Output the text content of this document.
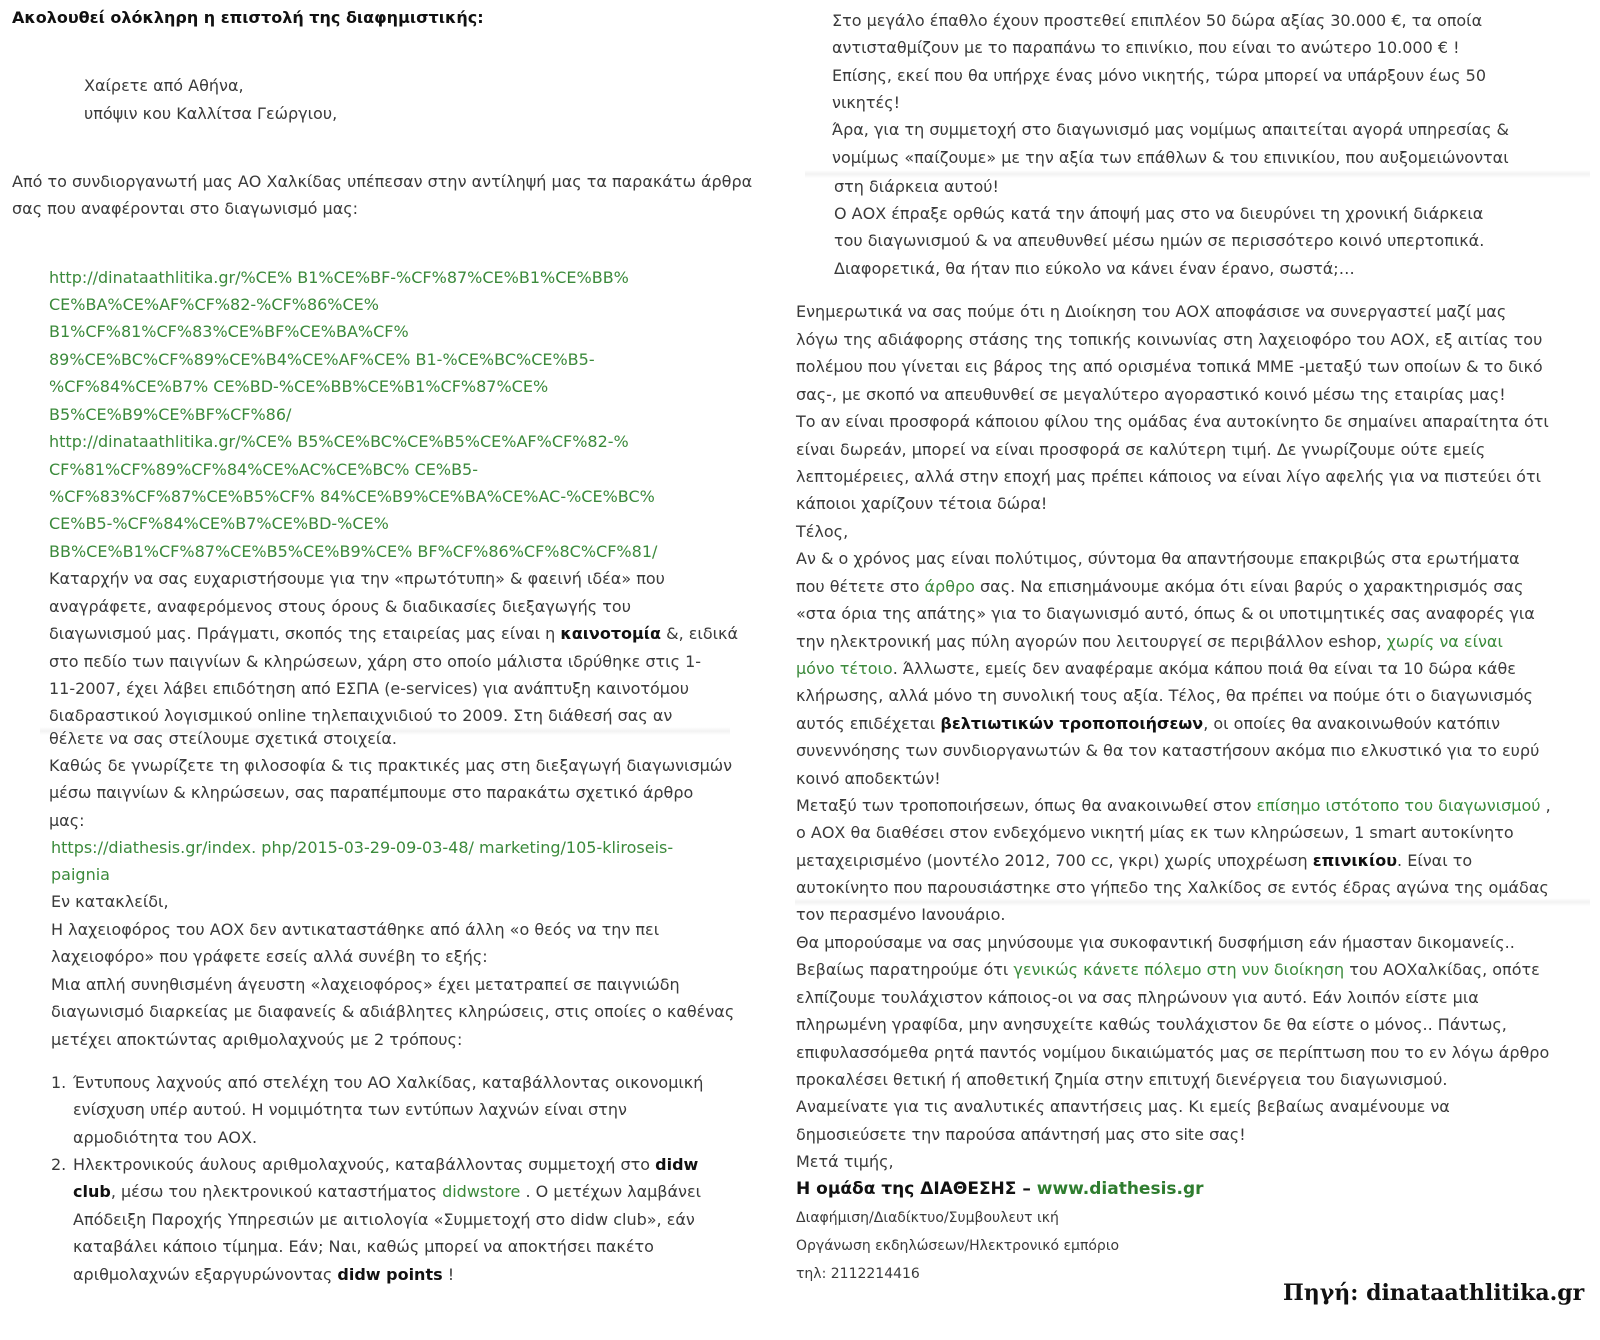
Ακολουθεί ολόκληρη η επιστολή της διαφημιστικής:
Χαίρετε από Αθήνα,
υπόψιν κου Καλλίτσα Γεώργιου,
Από το συνδιοργανωτή μας ΑΟ Χαλκίδας υπέπεσαν στην αντίληψή μας τα παρακάτω άρθρα
σας που αναφέρονται στο διαγωνισμό μας:
http://dinataathlitika.gr/%CE% B1%CE%BF-%CF%87%CE%B1%CE%BB%
CE%BA%CE%AF%CF%82-%CF%86%CE%
B1%CF%81%CF%83%CE%BF%CE%BA%CF%
89%CE%BC%CF%89%CE%B4%CE%AF%CE% B1-%CE%BC%CE%B5-
%CF%84%CE%B7% CE%BD-%CE%BB%CE%B1%CF%87%CE%
B5%CE%B9%CE%BF%CF%86/
http://dinataathlitika.gr/%CE% B5%CE%BC%CE%B5%CE%AF%CF%82-%
CF%81%CF%89%CF%84%CE%AC%CE%BC% CE%B5-
%CF%83%CF%87%CE%B5%CF% 84%CE%B9%CE%BA%CE%AC-%CE%BC%
CE%B5-%CF%84%CE%B7%CE%BD-%CE%
BB%CE%B1%CF%87%CE%B5%CE%B9%CE% BF%CF%86%CF%8C%CF%81/
Καταρχήν να σας ευχαριστήσουμε για την «πρωτότυπη» & φαεινή ιδέα» που
αναγράφετε, αναφερόμενος στους όρους & διαδικασίες διεξαγωγής του
διαγωνισμού μας. Πράγματι, σκοπός της εταιρείας μας είναι η καινοτομία &, ειδικά
στο πεδίο των παιγνίων & κληρώσεων, χάρη στο οποίο μάλιστα ιδρύθηκε στις 1-
11-2007, έχει λάβει επιδότηση από ΕΣΠΑ (e-services) για ανάπτυξη καινοτόμου
διαδραστικού λογισμικού online τηλεπαιχνιδιού το 2009. Στη διάθεσή σας αν
θέλετε να σας στείλουμε σχετικά στοιχεία.
Καθώς δε γνωρίζετε τη φιλοσοφία & τις πρακτικές μας στη διεξαγωγή διαγωνισμών
μέσω παιγνίων & κληρώσεων, σας παραπέμπουμε στο παρακάτω σχετικό άρθρο
μας:
https://diathesis.gr/index. php/2015-03-29-09-03-48/ marketing/105-kliroseis-
paignia
Εν κατακλείδι,
Η λαχειοφόρος του ΑΟΧ δεν αντικαταστάθηκε από άλλη «ο θεός να την πει
λαχειοφόρο» που γράφετε εσείς αλλά συνέβη το εξής:
Μια απλή συνηθισμένη άγευστη «λαχειοφόρος» έχει μετατραπεί σε παιγνιώδη
διαγωνισμό διαρκείας με διαφανείς & αδιάβλητες κληρώσεις, στις οποίες ο καθένας
μετέχει αποκτώντας αριθμολαχνούς με 2 τρόπους:
1. Έντυπους λαχνούς από στελέχη του ΑΟ Χαλκίδας, καταβάλλοντας οικονομική
ενίσχυση υπέρ αυτού. Η νομιμότητα των εντύπων λαχνών είναι στην
αρμοδιότητα του ΑΟΧ.
2. Ηλεκτρονικούς άυλους αριθμολαχνούς, καταβάλλοντας συμμετοχή στο didw
club, μέσω του ηλεκτρονικού καταστήματος didwstore . Ο μετέχων λαμβάνει
Απόδειξη Παροχής Υπηρεσιών με αιτιολογία «Συμμετοχή στο didw club», εάν
καταβάλει κάποιο τίμημα. Εάν; Ναι, καθώς μπορεί να αποκτήσει πακέτο
αριθμολαχνών εξαργυρώνοντας didw points !
Στο μεγάλο έπαθλο έχουν προστεθεί επιπλέον 50 δώρα αξίας 30.000 €, τα οποία
αντισταθμίζουν με το παραπάνω το επινίκιο, που είναι το ανώτερο 10.000 € !
Επίσης, εκεί που θα υπήρχε ένας μόνο νικητής, τώρα μπορεί να υπάρξουν έως 50
νικητές!
Άρα, για τη συμμετοχή στο διαγωνισμό μας νομίμως απαιτείται αγορά υπηρεσίας &
νομίμως «παίζουμε» με την αξία των επάθλων & του επινικίου, που αυξομειώνονται
στη διάρκεια αυτού!
Ο ΑΟΧ έπραξε ορθώς κατά την άποψή μας στο να διευρύνει τη χρονική διάρκεια
του διαγωνισμού & να απευθυνθεί μέσω ημών σε περισσότερο κοινό υπερτοπικά.
Διαφορετικά, θα ήταν πιο εύκολο να κάνει έναν έρανο, σωστά;…
Ενημερωτικά να σας πούμε ότι η Διοίκηση του ΑΟΧ αποφάσισε να συνεργαστεί μαζί μας
λόγω της αδιάφορης στάσης της τοπικής κοινωνίας στη λαχειοφόρο του ΑΟΧ, εξ αιτίας του
πολέμου που γίνεται εις βάρος της από ορισμένα τοπικά ΜΜΕ -μεταξύ των οποίων & το δικό
σας-, με σκοπό να απευθυνθεί σε μεγαλύτερο αγοραστικό κοινό μέσω της εταιρίας μας!
Το αν είναι προσφορά κάποιου φίλου της ομάδας ένα αυτοκίνητο δε σημαίνει απαραίτητα ότι
είναι δωρεάν, μπορεί να είναι προσφορά σε καλύτερη τιμή. Δε γνωρίζουμε ούτε εμείς
λεπτομέρειες, αλλά στην εποχή μας πρέπει κάποιος να είναι λίγο αφελής για να πιστεύει ότι
κάποιοι χαρίζουν τέτοια δώρα!
Τέλος,
Αν & ο χρόνος μας είναι πολύτιμος, σύντομα θα απαντήσουμε επακριβώς στα ερωτήματα
που θέτετε στο άρθρο σας. Να επισημάνουμε ακόμα ότι είναι βαρύς ο χαρακτηρισμός σας
«στα όρια της απάτης» για το διαγωνισμό αυτό, όπως & οι υποτιμητικές σας αναφορές για
την ηλεκτρονική μας πύλη αγορών που λειτουργεί σε περιβάλλον eshop, χωρίς να είναι
μόνο τέτοιο. Άλλωστε, εμείς δεν αναφέραμε ακόμα κάπου ποιά θα είναι τα 10 δώρα κάθε
κλήρωσης, αλλά μόνο τη συνολική τους αξία. Τέλος, θα πρέπει να πούμε ότι ο διαγωνισμός
αυτός επιδέχεται βελτιωτικών τροποποιήσεων, οι οποίες θα ανακοινωθούν κατόπιν
συνεννόησης των συνδιοργανωτών & θα τον καταστήσουν ακόμα πιο ελκυστικό για το ευρύ
κοινό αποδεκτών!
Μεταξύ των τροποποιήσεων, όπως θα ανακοινωθεί στον επίσημο ιστότοπο του διαγωνισμού ,
ο ΑΟΧ θα διαθέσει στον ενδεχόμενο νικητή μίας εκ των κληρώσεων, 1 smart αυτοκίνητο
μεταχειρισμένο (μοντέλο 2012, 700 cc, γκρι) χωρίς υποχρέωση επινικίου. Είναι το
αυτοκίνητο που παρουσιάστηκε στο γήπεδο της Χαλκίδος σε εντός έδρας αγώνα της ομάδας
τον περασμένο Ιανουάριο.
Θα μπορούσαμε να σας μηνύσουμε για συκοφαντική δυσφήμιση εάν ήμασταν δικομανείς..
Βεβαίως παρατηρούμε ότι γενικώς κάνετε πόλεμο στη νυν διοίκηση του ΑΟΧαλκίδας, οπότε
ελπίζουμε τουλάχιστον κάποιος-οι να σας πληρώνουν για αυτό. Εάν λοιπόν είστε μια
πληρωμένη γραφίδα, μην ανησυχείτε καθώς τουλάχιστον δε θα είστε ο μόνος.. Πάντως,
επιφυλασσόμεθα ρητά παντός νομίμου δικαιώματός μας σε περίπτωση που το εν λόγω άρθρο
προκαλέσει θετική ή αποθετική ζημία στην επιτυχή διενέργεια του διαγωνισμού.
Αναμείνατε για τις αναλυτικές απαντήσεις μας. Κι εμείς βεβαίως αναμένουμε να
δημοσιεύσετε την παρούσα απάντησή μας στο site σας!
Μετά τιμής,
Η ομάδα της ΔΙΑΘΕΣΗΣ – www.diathesis.gr
Διαφήμιση/Διαδίκτυο/Συμβουλευτ ική
Οργάνωση εκδηλώσεων/Ηλεκτρονικό εμπόριο
τηλ: 2112214416
Πηγή: dinataathlitika.gr
